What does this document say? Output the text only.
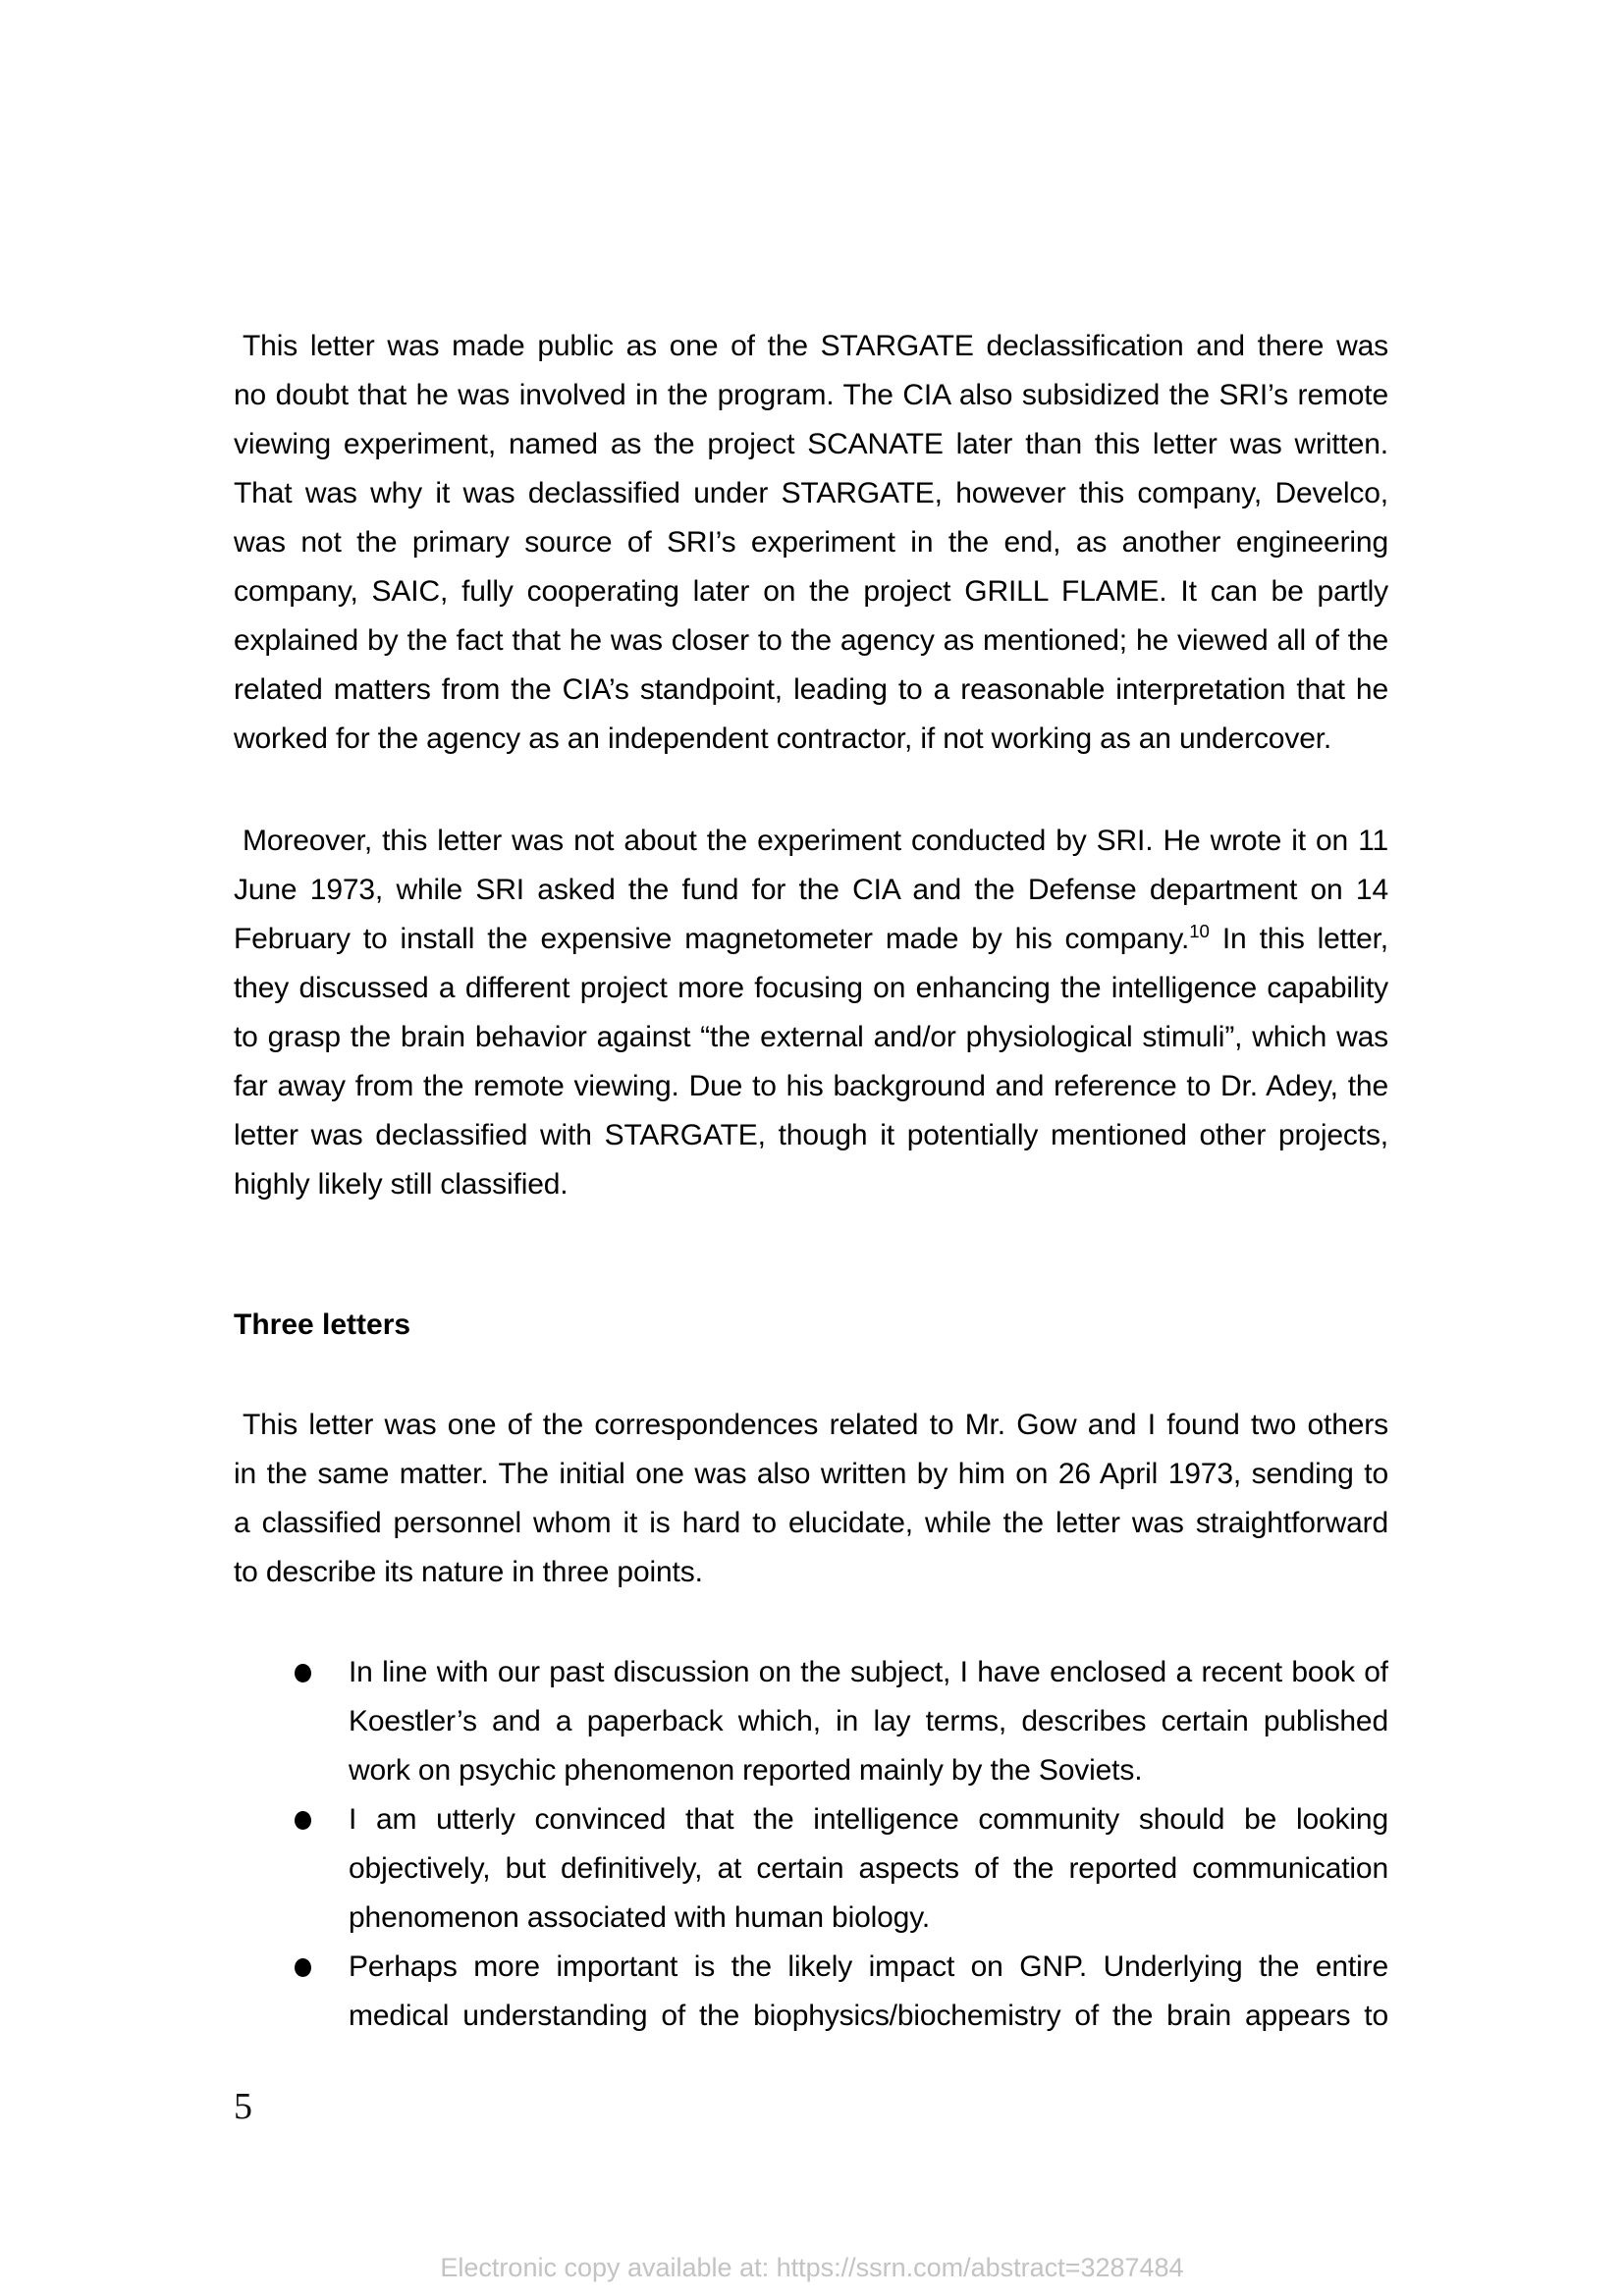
This letter was made public as one of the STARGATE declassification and there was
no doubt that he was involved in the program. The CIA also subsidized the SRI’s remote
viewing experiment, named as the project SCANATE later than this letter was written.
That was why it was declassified under STARGATE, however this company, Develco,
was not the primary source of SRI’s experiment in the end, as another engineering
company, SAIC, fully cooperating later on the project GRILL FLAME. It can be partly
explained by the fact that he was closer to the agency as mentioned; he viewed all of the
related matters from the CIA’s standpoint, leading to a reasonable interpretation that he
worked for the agency as an independent contractor, if not working as an undercover.
Moreover, this letter was not about the experiment conducted by SRI. He wrote it on 11
June 1973, while SRI asked the fund for the CIA and the Defense department on 14
February to install the expensive magnetometer made by his company.$^{10}$ In this letter,
they discussed a different project more focusing on enhancing the intelligence capability
to grasp the brain behavior against “the external and/or physiological stimuli”, which was
far away from the remote viewing. Due to his background and reference to Dr. Adey, the
letter was declassified with STARGATE, though it potentially mentioned other projects,
highly likely still classified.
Three letters
This letter was one of the correspondences related to Mr. Gow and I found two others
in the same matter. The initial one was also written by him on 26 April 1973, sending to
a classified personnel whom it is hard to elucidate, while the letter was straightforward
to describe its nature in three points.
In line with our past discussion on the subject, I have enclosed a recent book of
Koestler’s and a paperback which, in lay terms, describes certain published
work on psychic phenomenon reported mainly by the Soviets.
I am utterly convinced that the intelligence community should be looking
objectively, but definitively, at certain aspects of the reported communication
phenomenon associated with human biology.
Perhaps more important is the likely impact on GNP. Underlying the entire
medical understanding of the biophysics/biochemistry of the brain appears to
5
Electronic copy available at: https://ssrn.com/abstract=3287484
